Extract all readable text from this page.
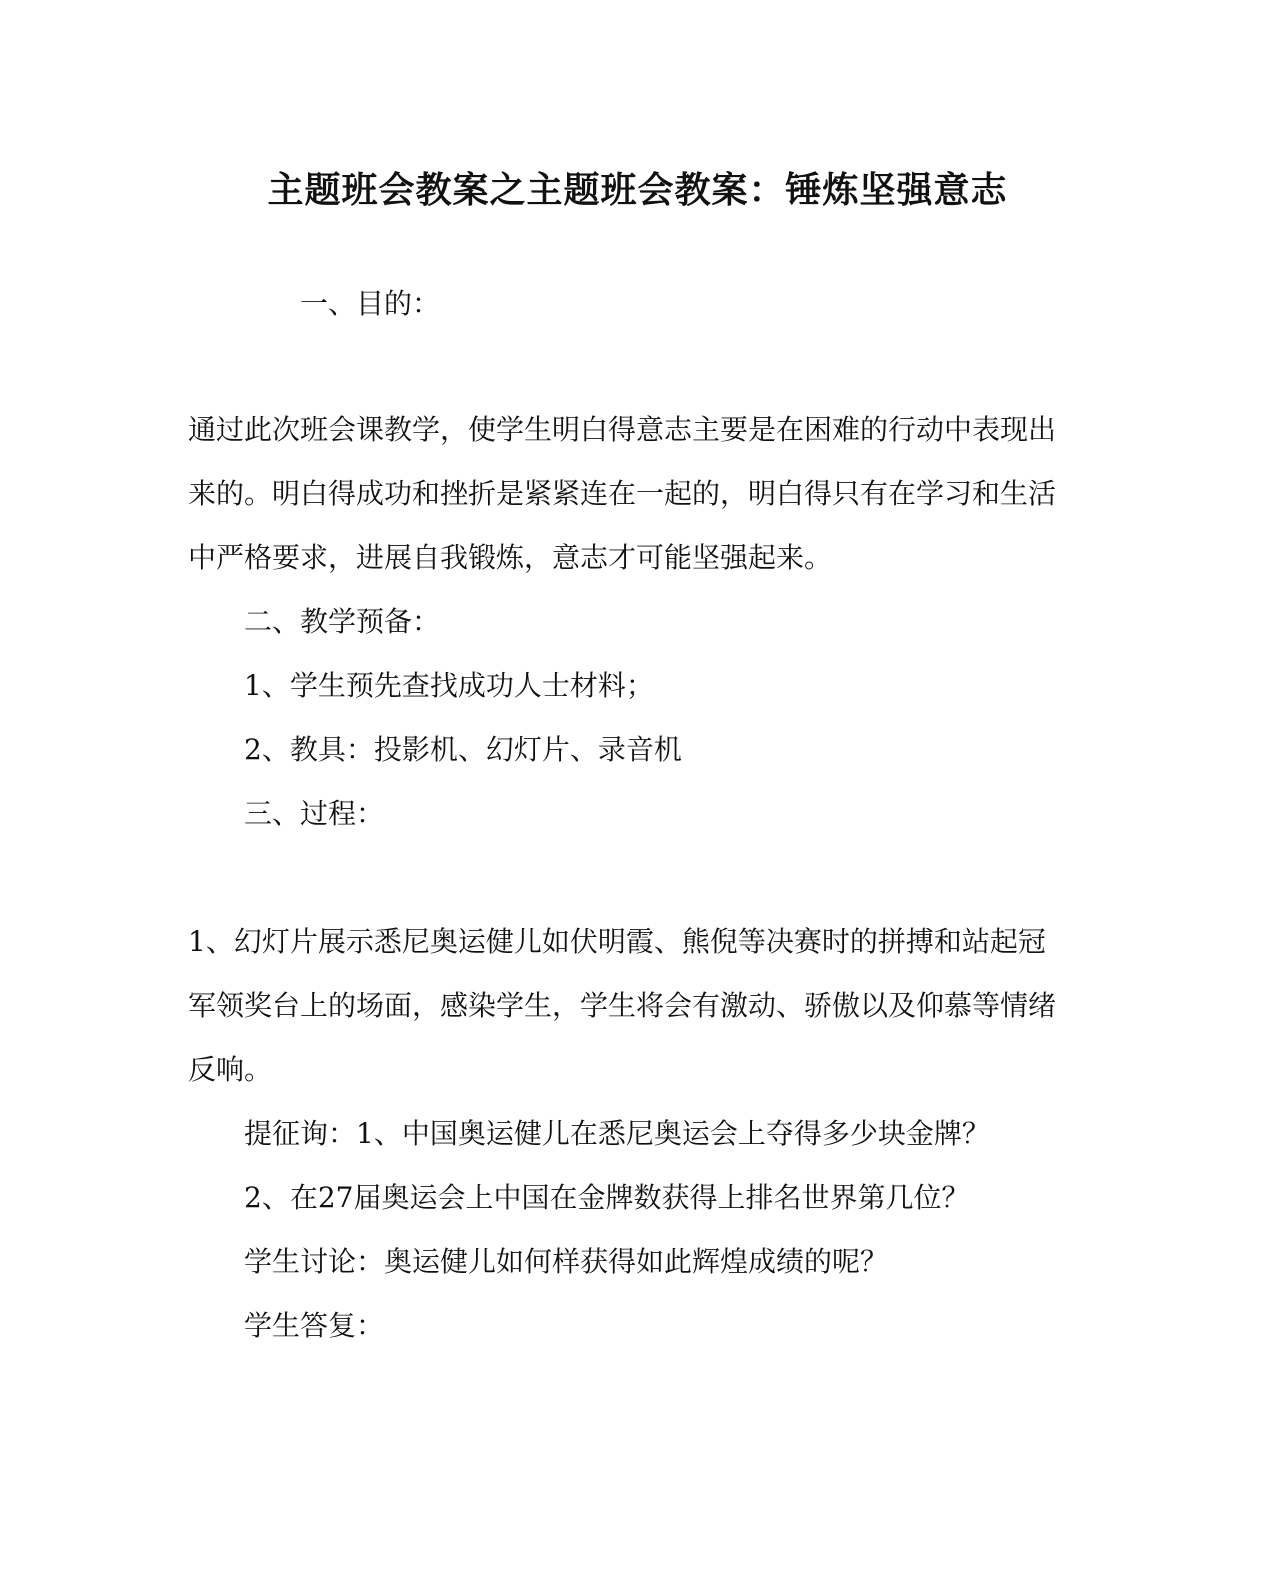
主题班会教案之主题班会教案：锤炼坚强意志
一、目的：
通过此次班会课教学，使学生明白得意志主要是在困难的行动中表现出来的。明白得成功和挫折是紧紧连在一起的，明白得只有在学习和生活中严格要求，进展自我锻炼，意志才可能坚强起来。
二、教学预备：
1、学生预先查找成功人士材料；
2、教具：投影机、幻灯片、录音机
三、过程：
1、幻灯片展示悉尼奥运健儿如伏明霞、熊倪等决赛时的拼搏和站起冠军领奖台上的场面，感染学生，学生将会有激动、骄傲以及仰慕等情绪反响。
提征询：1、中国奥运健儿在悉尼奥运会上夺得多少块金牌？
2、在27届奥运会上中国在金牌数获得上排名世界第几位？
学生讨论：奥运健儿如何样获得如此辉煌成绩的呢？
学生答复：
